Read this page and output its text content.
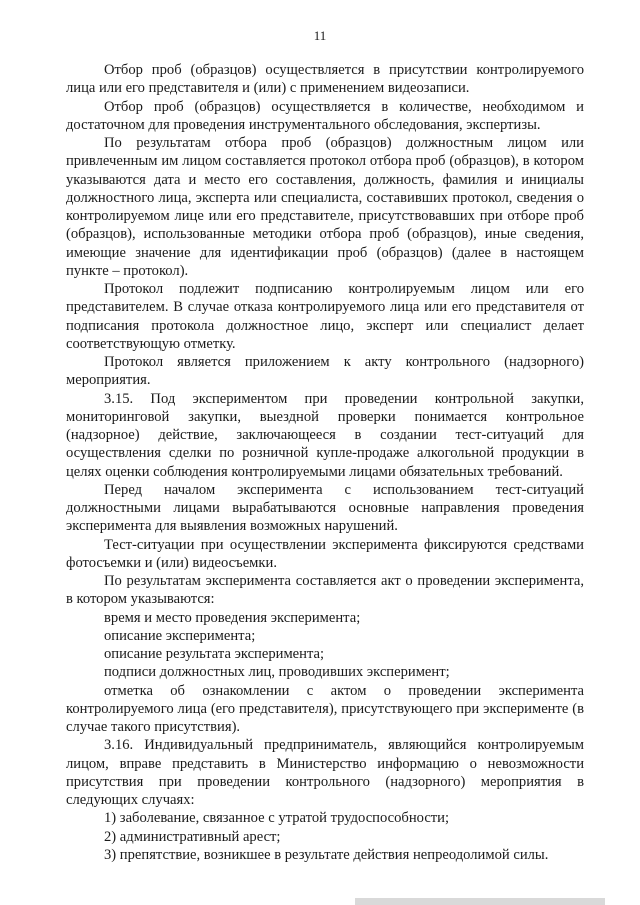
11

Отбор проб (образцов) осуществляется в присутствии контролируемого лица или его представителя и (или) с применением видеозаписи.

Отбор проб (образцов) осуществляется в количестве, необходимом и достаточном для проведения инструментального обследования, экспертизы.

По результатам отбора проб (образцов) должностным лицом или привлеченным им лицом составляется протокол отбора проб (образцов), в котором указываются дата и место его составления, должность, фамилия и инициалы должностного лица, эксперта или специалиста, составивших протокол, сведения о контролируемом лице или его представителе, присутствовавших при отборе проб (образцов), использованные методики отбора проб (образцов), иные сведения, имеющие значение для идентификации проб (образцов) (далее в настоящем пункте – протокол).

Протокол подлежит подписанию контролируемым лицом или его представителем. В случае отказа контролируемого лица или его представителя от подписания протокола должностное лицо, эксперт или специалист делает соответствующую отметку.

Протокол является приложением к акту контрольного (надзорного) мероприятия.

3.15. Под экспериментом при проведении контрольной закупки, мониторинговой закупки, выездной проверки понимается контрольное (надзорное) действие, заключающееся в создании тест-ситуаций для осуществления сделки по розничной купле-продаже алкогольной продукции в целях оценки соблюдения контролируемыми лицами обязательных требований.

Перед началом эксперимента с использованием тест-ситуаций должностными лицами вырабатываются основные направления проведения эксперимента для выявления возможных нарушений.

Тест-ситуации при осуществлении эксперимента фиксируются средствами фотосъемки и (или) видеосъемки.

По результатам эксперимента составляется акт о проведении эксперимента, в котором указываются:

время и место проведения эксперимента;

описание эксперимента;

описание результата эксперимента;

подписи должностных лиц, проводивших эксперимент;

отметка об ознакомлении с актом о проведении эксперимента контролируемого лица (его представителя), присутствующего при эксперименте (в случае такого присутствия).

3.16. Индивидуальный предприниматель, являющийся контролируемым лицом, вправе представить в Министерство информацию о невозможности присутствия при проведении контрольного (надзорного) мероприятия в следующих случаях:

1) заболевание, связанное с утратой трудоспособности;

2) административный арест;

3) препятствие, возникшее в результате действия непреодолимой силы.
